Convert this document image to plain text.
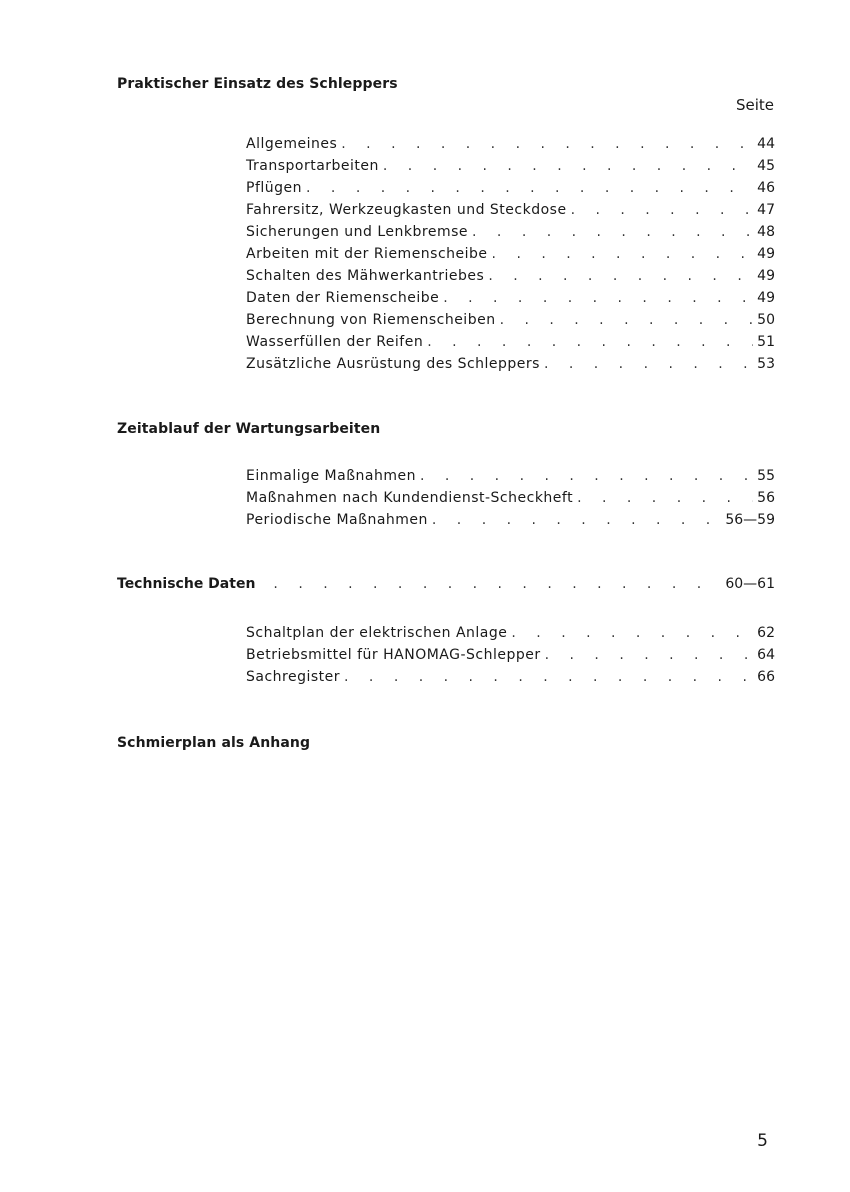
Praktischer Einsatz des Schleppers
Seite
Allgemeines . . .	44
Transportarbeiten . . .	45
Pflügen . . .	46
Fahrersitz, Werkzeugkasten und Steckdose . . .	47
Sicherungen und Lenkbremse . . .	48
Arbeiten mit der Riemenscheibe . . .	49
Schalten des Mähwerkantriebes . . .	49
Daten der Riemenscheibe . . .	49
Berechnung von Riemenscheiben . . .	50
Wasserfüllen der Reifen . . .	51
Zusätzliche Ausrüstung des Schleppers . . .	53
Zeitablauf der Wartungsarbeiten
Einmalige Maßnahmen . . .	55
Maßnahmen nach Kundendienst-Scheckheft . . .	56
Periodische Maßnahmen . . .	56—59
Technische Daten . . .	60—61
Schaltplan der elektrischen Anlage . . .	62
Betriebsmittel für HANOMAG-Schlepper . . .	64
Sachregister . . .	66
Schmierplan als Anhang
5
